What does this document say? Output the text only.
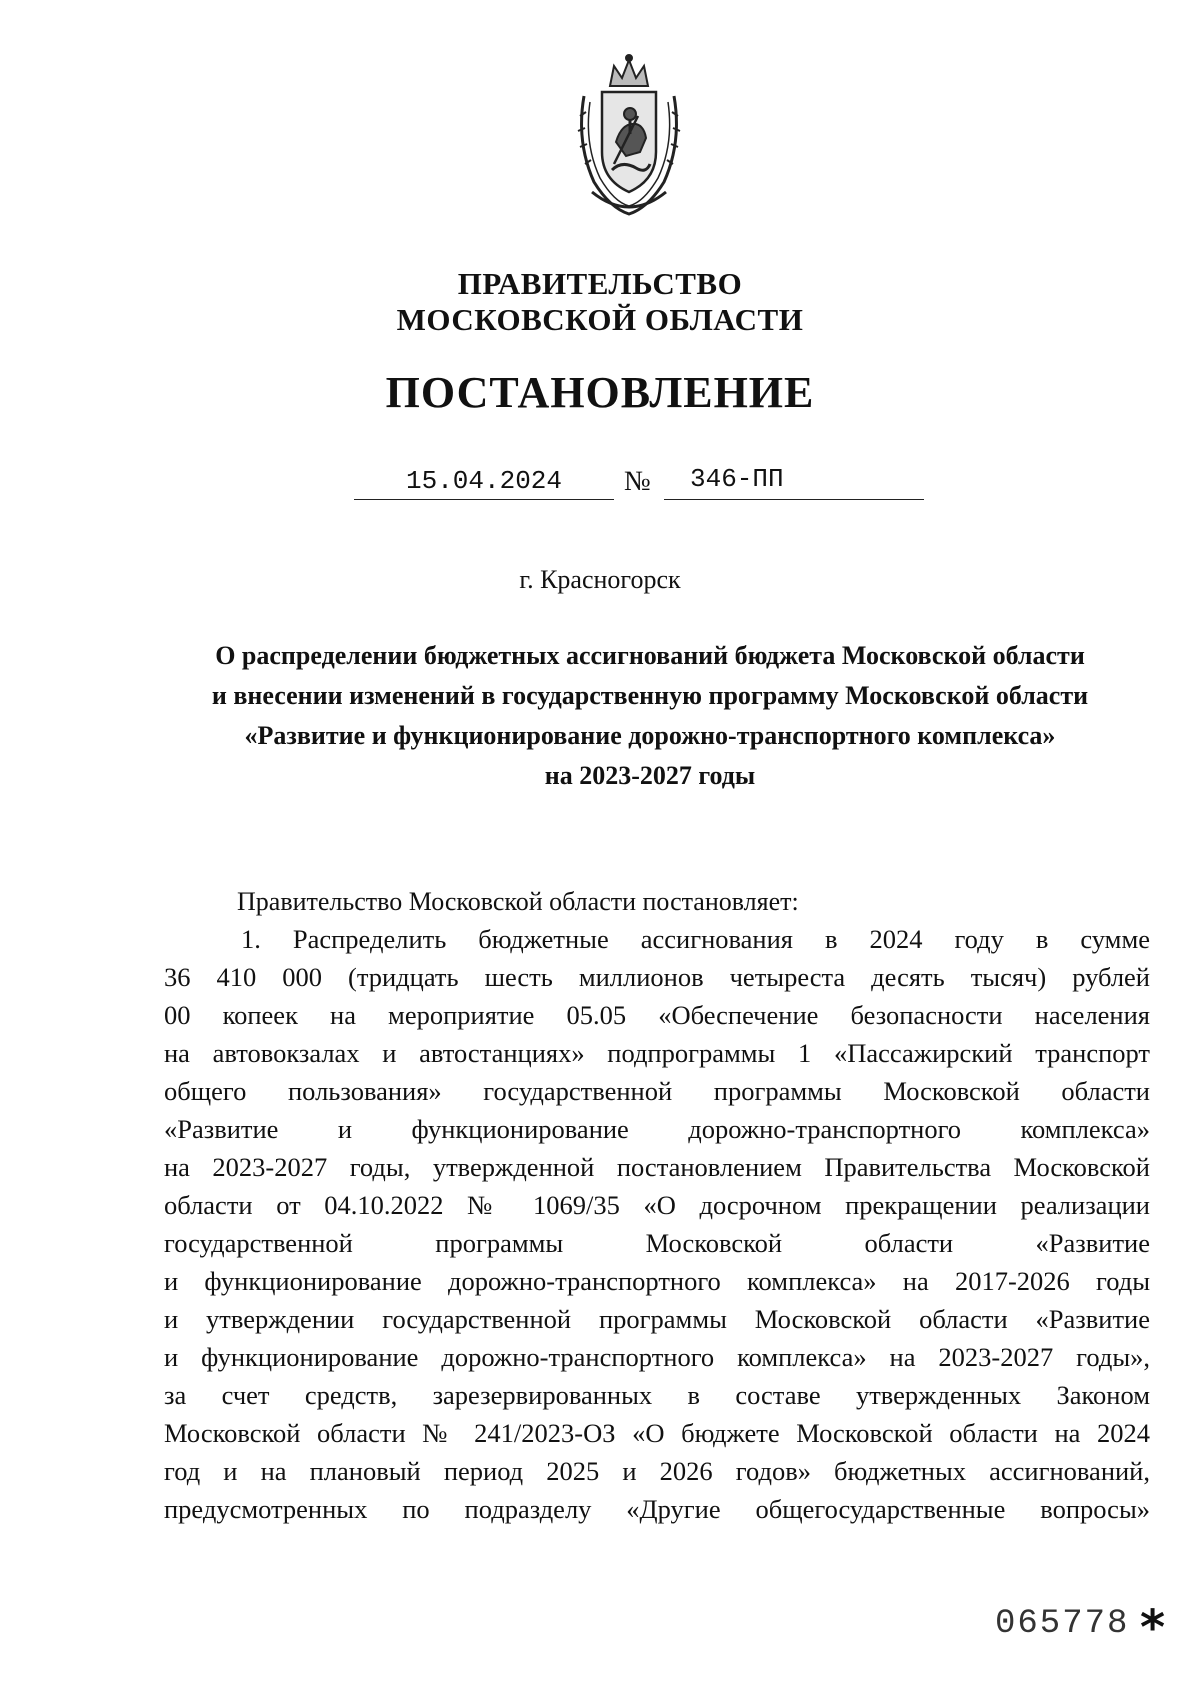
ПРАВИТЕЛЬСТВО
МОСКОВСКОЙ ОБЛАСТИ
ПОСТАНОВЛЕНИЕ
15.04.2024	№ 346-ПП
г. Красногорск
О распределении бюджетных ассигнований бюджета Московской области
и внесении изменений в государственную программу Московской области
«Развитие и функционирование дорожно-транспортного комплекса»
на 2023-2027 годы
Правительство Московской области постановляет:
1. Распределить бюджетные ассигнования в 2024 году в сумме
36 410 000 (тридцать шесть миллионов четыреста десять тысяч) рублей
00 копеек на мероприятие 05.05 «Обеспечение безопасности населения
на автовокзалах и автостанциях» подпрограммы 1 «Пассажирский транспорт
общего пользования» государственной программы Московской области
«Развитие и функционирование дорожно-транспортного комплекса»
на 2023-2027 годы, утвержденной постановлением Правительства Московской
области от 04.10.2022 № 1069/35 «О досрочном прекращении реализации
государственной программы Московской области «Развитие
и функционирование дорожно-транспортного комплекса» на 2017-2026 годы
и утверждении государственной программы Московской области «Развитие
и функционирование дорожно-транспортного комплекса» на 2023-2027 годы»,
за счет средств, зарезервированных в составе утвержденных Законом
Московской области № 241/2023-ОЗ «О бюджете Московской области на 2024
год и на плановый период 2025 и 2026 годов» бюджетных ассигнований,
предусмотренных по подразделу «Другие общегосударственные вопросы»
065778 *
